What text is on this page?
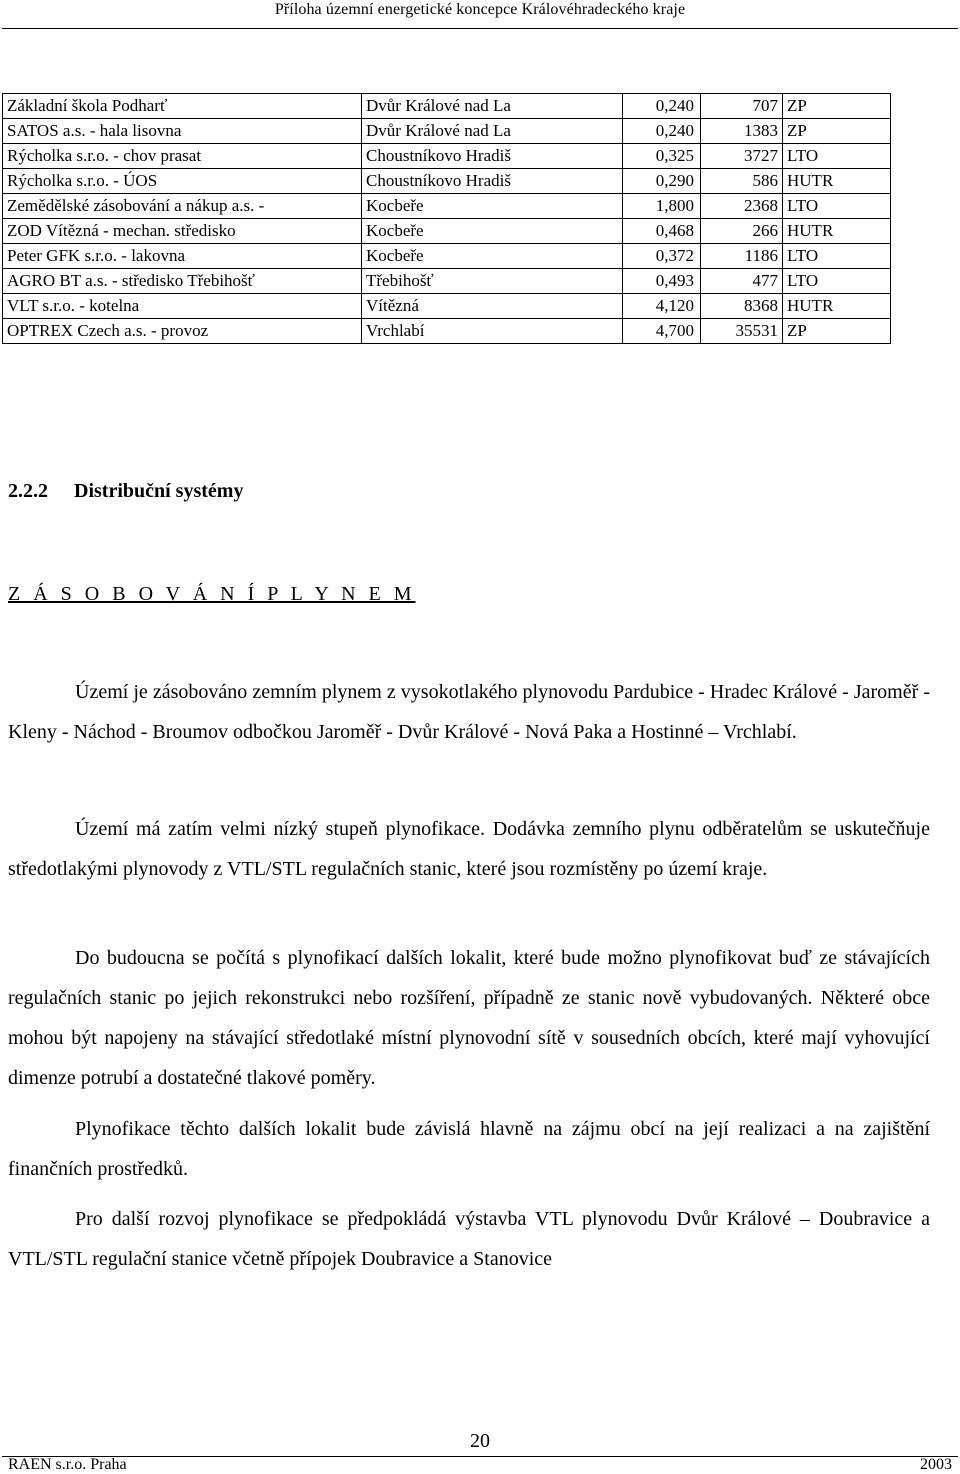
Příloha územní energetické koncepce Královéhradeckého kraje
Základní škola Podharť	Dvůr Králové nad La	0,240	707	ZP
SATOS a.s. - hala lisovna	Dvůr Králové nad La	0,240	1383	ZP
Rýcholka s.r.o. - chov prasat	Choustníkovo Hradiš	0,325	3727	LTO
Rýcholka s.r.o. - ÚOS	Choustníkovo Hradiš	0,290	586	HUTR
Zemědělské zásobování a nákup a.s. -	Kocbeře	1,800	2368	LTO
ZOD Vítězná - mechan. středisko	Kocbeře	0,468	266	HUTR
Peter GFK s.r.o. - lakovna	Kocbeře	0,372	1186	LTO
AGRO BT a.s. - středisko Třebihošť	Třebihošť	0,493	477	LTO
VLT s.r.o. - kotelna	Vítězná	4,120	8368	HUTR
OPTREX Czech a.s. - provoz	Vrchlabí	4,700	35531	ZP
2.2.2 Distribuční systémy
Z Á S O B O V Á N Í P L Y N E M
Území je zásobováno zemním plynem z vysokotlakého plynovodu Pardubice - Hradec Králové - Jaroměř - Kleny - Náchod - Broumov odbočkou Jaroměř - Dvůr Králové - Nová Paka a Hostinné – Vrchlabí.
Území má zatím velmi nízký stupeň plynofikace. Dodávka zemního plynu odběratelům se uskutečňuje středotlakými plynovody z VTL/STL regulačních stanic, které jsou rozmístěny po území kraje.
Do budoucna se počítá s plynofikací dalších lokalit, které bude možno plynofikovat buď ze stávajících regulačních stanic po jejich rekonstrukci nebo rozšíření, případně ze stanic nově vybudovaných. Některé obce mohou být napojeny na stávající středotlaké místní plynovodní sítě v sousedních obcích, které mají vyhovující dimenze potrubí a dostatečné tlakové poměry.
Plynofikace těchto dalších lokalit bude závislá hlavně na zájmu obcí na její realizaci a na zajištění finančních prostředků.
Pro další rozvoj plynofikace se předpokládá výstavba VTL plynovodu Dvůr Králové – Doubravice a VTL/STL regulační stanice včetně přípojek Doubravice a Stanovice
20
RAEN s.r.o. Praha	2003
